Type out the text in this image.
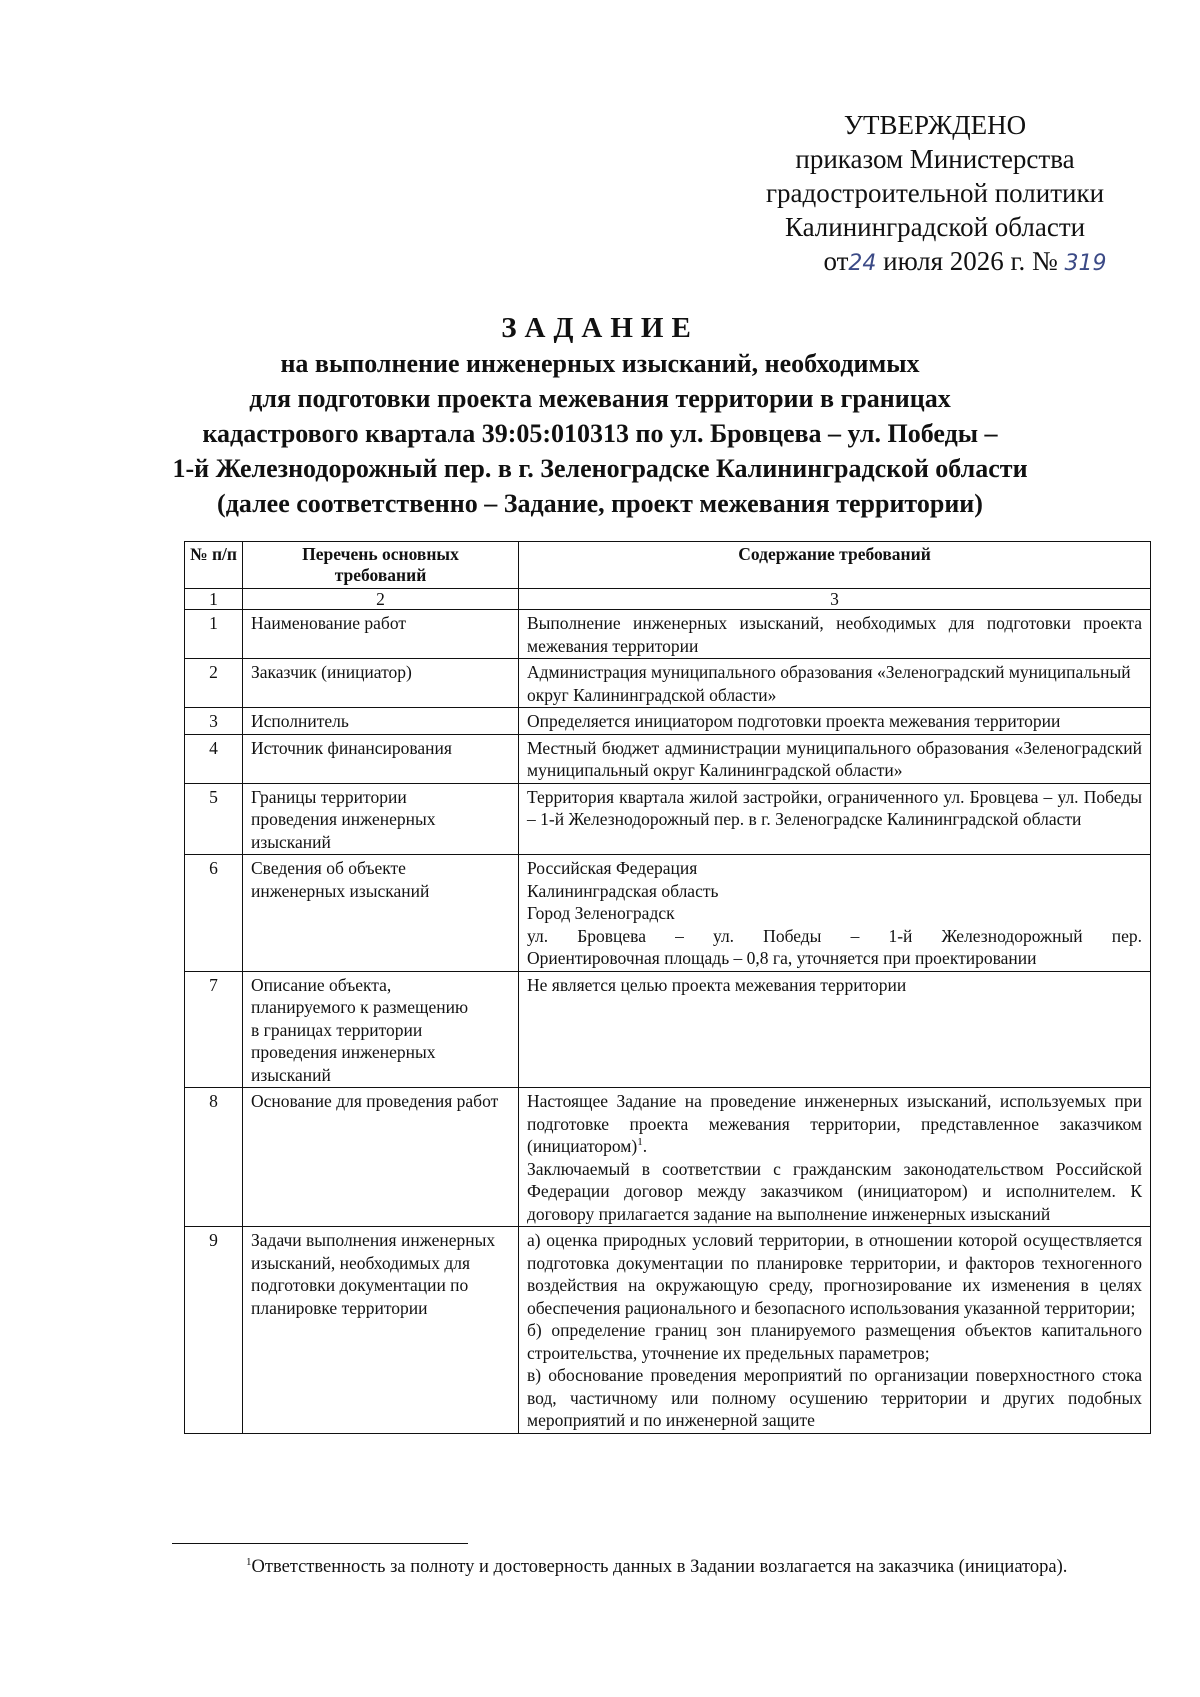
УТВЕРЖДЕНО
приказом Министерства
градостроительной политики
Калининградской области
от24 июля 2026 г. № 319
ЗАДАНИЕ
на выполнение инженерных изысканий, необходимых
для подготовки проекта межевания территории в границах
кадастрового квартала 39:05:010313 по ул. Бровцева – ул. Победы –
1-й Железнодорожный пер. в г. Зеленоградске Калининградской области
(далее соответственно – Задание, проект межевания территории)
№ п/п	Перечень основных требований	Содержание требований
1	2	3
1	Наименование работ	Выполнение инженерных изысканий, необходимых для подготовки проекта межевания территории

2	Заказчик (инициатор)	Администрация муниципального образования «Зеленоградский муниципальный округ Калининградской области»

3	Исполнитель	Определяется инициатором подготовки проекта межевания территории

4	Источник финансирования	Местный бюджет администрации муниципального образования «Зеленоградский муниципальный округ Калининградской области»

5	Границы территории проведения инженерных изысканий	Территория квартала жилой застройки, ограниченного ул. Бровцева – ул. Победы – 1-й Железнодорожный пер. в г. Зеленоградске Калининградской области

6	Сведения об объекте инженерных изысканий	Российская Федерация

Калининградская область

Город Зеленоградск

ул. Бровцева – ул. Победы – 1-й Железнодорожный пер.

Ориентировочная площадь – 0,8 га, уточняется при проектировании

7	Описание объекта, планируемого к размещению в границах территории проведения инженерных изысканий	Не является целью проекта межевания территории

8	Основание для проведения работ	Настоящее Задание на проведение инженерных изысканий, используемых при подготовке проекта межевания территории, представленное заказчиком (инициатором)$^1$.

Заключаемый в соответствии с гражданским законодательством Российской Федерации договор между заказчиком (инициатором) и исполнителем. К договору прилагается задание на выполнение инженерных изысканий

9	Задачи выполнения инженерных изысканий, необходимых для подготовки документации по планировке территории	а) оценка природных условий территории, в отношении которой осуществляется подготовка документации по планировке территории, и факторов техногенного воздействия на окружающую среду, прогнозирование их изменения в целях обеспечения рационального и безопасного использования указанной территории;

б) определение границ зон планируемого размещения объектов капитального строительства, уточнение их предельных параметров;

в) обоснование проведения мероприятий по организации поверхностного стока вод, частичному или полному осушению территории и других подобных мероприятий и по инженерной защите

$^1$Ответственность за полноту и достоверность данных в Задании возлагается на заказчика (инициатора).
